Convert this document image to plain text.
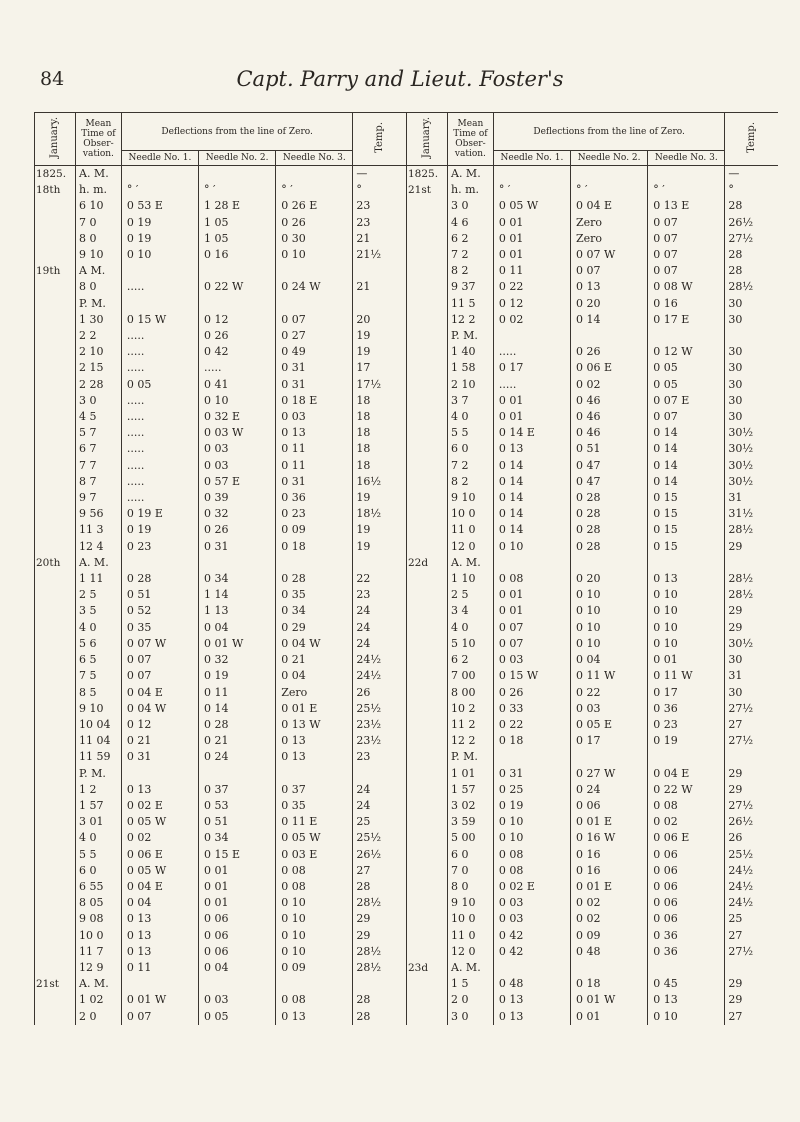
84	Capt. Parry and Lieut. Foster's
January.	Mean Time of Obser- vation.	Deflections from the line of Zero.			Temp.
		Needle No. 1.	Needle No. 2.	Needle No. 3.	
1825.	A. M.				—
18th	h. m.	° ′	° ′	° ′	°
	6 10	0 53 E	1 28 E	0 26 E	23
	7 0	0 19	1 05	0 26	23
	8 0	0 19	1 05	0 30	21
	9 10	0 10	0 16	0 10	21½
19th	A M.				
	8 0	.....	0 22 W	0 24 W	21
	P. M.				
	1 30	0 15 W	0 12	0 07	20
	2 2	.....	0 26	0 27	19
	2 10	.....	0 42	0 49	19
	2 15	.....	.....	0 31	17
	2 28	0 05	0 41	0 31	17½
	3 0	.....	0 10	0 18 E	18
	4 5	.....	0 32 E	0 03	18
	5 7	.....	0 03 W	0 13	18
	6 7	.....	0 03	0 11	18
	7 7	.....	0 03	0 11	18
	8 7	.....	0 57 E	0 31	16½
	9 7	.....	0 39	0 36	19
	9 56	0 19 E	0 32	0 23	18½
	11 3	0 19	0 26	0 09	19
	12 4	0 23	0 31	0 18	19
20th	A. M.				
	1 11	0 28	0 34	0 28	22
	2 5	0 51	1 14	0 35	23
	3 5	0 52	1 13	0 34	24
	4 0	0 35	0 04	0 29	24
	5 6	0 07 W	0 01 W	0 04 W	24
	6 5	0 07	0 32	0 21	24½
	7 5	0 07	0 19	0 04	24½
	8 5	0 04 E	0 11	Zero	26
	9 10	0 04 W	0 14	0 01 E	25½
	10 04	0 12	0 28	0 13 W	23½
	11 04	0 21	0 21	0 13	23½
	11 59	0 31	0 24	0 13	23
	P. M.				
	1 2	0 13	0 37	0 37	24
	1 57	0 02 E	0 53	0 35	24
	3 01	0 05 W	0 51	0 11 E	25
	4 0	0 02	0 34	0 05 W	25½
	5 5	0 06 E	0 15 E	0 03 E	26½
	6 0	0 05 W	0 01	0 08	27
	6 55	0 04 E	0 01	0 08	28
	8 05	0 04	0 01	0 10	28½
	9 08	0 13	0 06	0 10	29
	10 0	0 13	0 06	0 10	29
	11 7	0 13	0 06	0 10	28½
	12 9	0 11	0 04	0 09	28½
21st	A. M.				
	1 02	0 01 W	0 03	0 08	28
	2 0	0 07	0 05	0 13	28
January.	Mean Time of Obser- vation.	Deflections from the line of Zero.			Temp.
		Needle No. 1.	Needle No. 2.	Needle No. 3.	
1825.	A. M.				—
21st	h. m.	° ′	° ′	° ′	°
	3 0	0 05 W	0 04 E	0 13 E	28
	4 6	0 01	Zero	0 07	26½
	6 2	0 01	Zero	0 07	27½
	7 2	0 01	0 07 W	0 07	28
	8 2	0 11	0 07	0 07	28
	9 37	0 22	0 13	0 08 W	28½
	11 5	0 12	0 20	0 16	30
	12 2	0 02	0 14	0 17 E	30
	P. M.				
	1 40	.....	0 26	0 12 W	30
	1 58	0 17	0 06 E	0 05	30
	2 10	.....	0 02	0 05	30
	3 7	0 01	0 46	0 07 E	30
	4 0	0 01	0 46	0 07	30
	5 5	0 14 E	0 46	0 14	30½
	6 0	0 13	0 51	0 14	30½
	7 2	0 14	0 47	0 14	30½
	8 2	0 14	0 47	0 14	30½
	9 10	0 14	0 28	0 15	31
	10 0	0 14	0 28	0 15	31½
	11 0	0 14	0 28	0 15	28½
	12 0	0 10	0 28	0 15	29
22d	A. M.				
	1 10	0 08	0 20	0 13	28½
	2 5	0 01	0 10	0 10	28½
	3 4	0 01	0 10	0 10	29
	4 0	0 07	0 10	0 10	29
	5 10	0 07	0 10	0 10	30½
	6 2	0 03	0 04	0 01	30
	7 00	0 15 W	0 11 W	0 11 W	31
	8 00	0 26	0 22	0 17	30
	10 2	0 33	0 03	0 36	27½
	11 2	0 22	0 05 E	0 23	27
	12 2	0 18	0 17	0 19	27½
	P. M.				
	1 01	0 31	0 27 W	0 04 E	29
	1 57	0 25	0 24	0 22 W	29
	3 02	0 19	0 06	0 08	27½
	3 59	0 10	0 01 E	0 02	26½
	5 00	0 10	0 16 W	0 06 E	26
	6 0	0 08	0 16	0 06	25½
	7 0	0 08	0 16	0 06	24½
	8 0	0 02 E	0 01 E	0 06	24½
	9 10	0 03	0 02	0 06	24½
	10 0	0 03	0 02	0 06	25
	11 0	0 42	0 09	0 36	27
	12 0	0 42	0 48	0 36	27½
23d	A. M.				
	1 5	0 48	0 18	0 45	29
	2 0	0 13	0 01 W	0 13	29
	3 0	0 13	0 01	0 10	27
